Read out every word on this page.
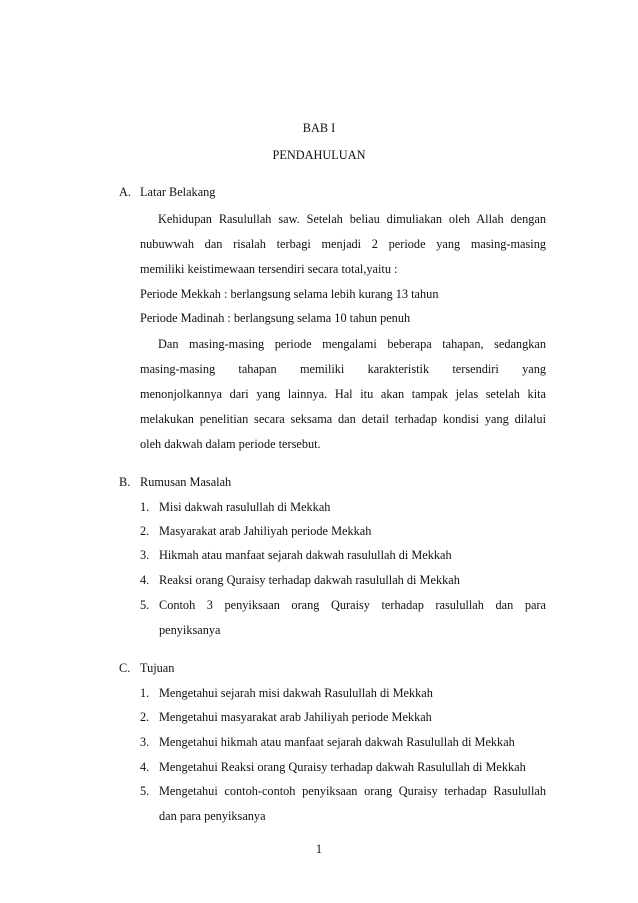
BAB I
PENDAHULUAN
A. Latar Belakang
Kehidupan Rasulullah saw. Setelah beliau dimuliakan oleh Allah dengan
nubuwwah dan risalah terbagi menjadi 2 periode yang masing-masing
memiliki keistimewaan tersendiri secara total,yaitu :
Periode Mekkah : berlangsung selama lebih kurang 13 tahun
Periode Madinah : berlangsung selama 10 tahun penuh
Dan masing-masing periode mengalami beberapa tahapan, sedangkan
masing-masing tahapan memiliki karakteristik tersendiri yang
menonjolkannya dari yang lainnya. Hal itu akan tampak jelas setelah kita
melakukan penelitian secara seksama dan detail terhadap kondisi yang dilalui
oleh dakwah dalam periode tersebut.
B. Rumusan Masalah
1. Misi dakwah rasulullah di Mekkah
2. Masyarakat arab Jahiliyah periode Mekkah
3. Hikmah atau manfaat sejarah dakwah rasulullah di Mekkah
4. Reaksi orang Quraisy terhadap dakwah rasulullah di Mekkah
5. Contoh 3 penyiksaan orang Quraisy terhadap rasulullah dan para
penyiksanya
C. Tujuan
1. Mengetahui sejarah misi dakwah Rasulullah di Mekkah
2. Mengetahui masyarakat arab Jahiliyah periode Mekkah
3. Mengetahui hikmah atau manfaat sejarah dakwah Rasulullah di Mekkah
4. Mengetahui Reaksi orang Quraisy terhadap dakwah Rasulullah di Mekkah
5. Mengetahui contoh-contoh penyiksaan orang Quraisy terhadap Rasulullah
dan para penyiksanya
1
